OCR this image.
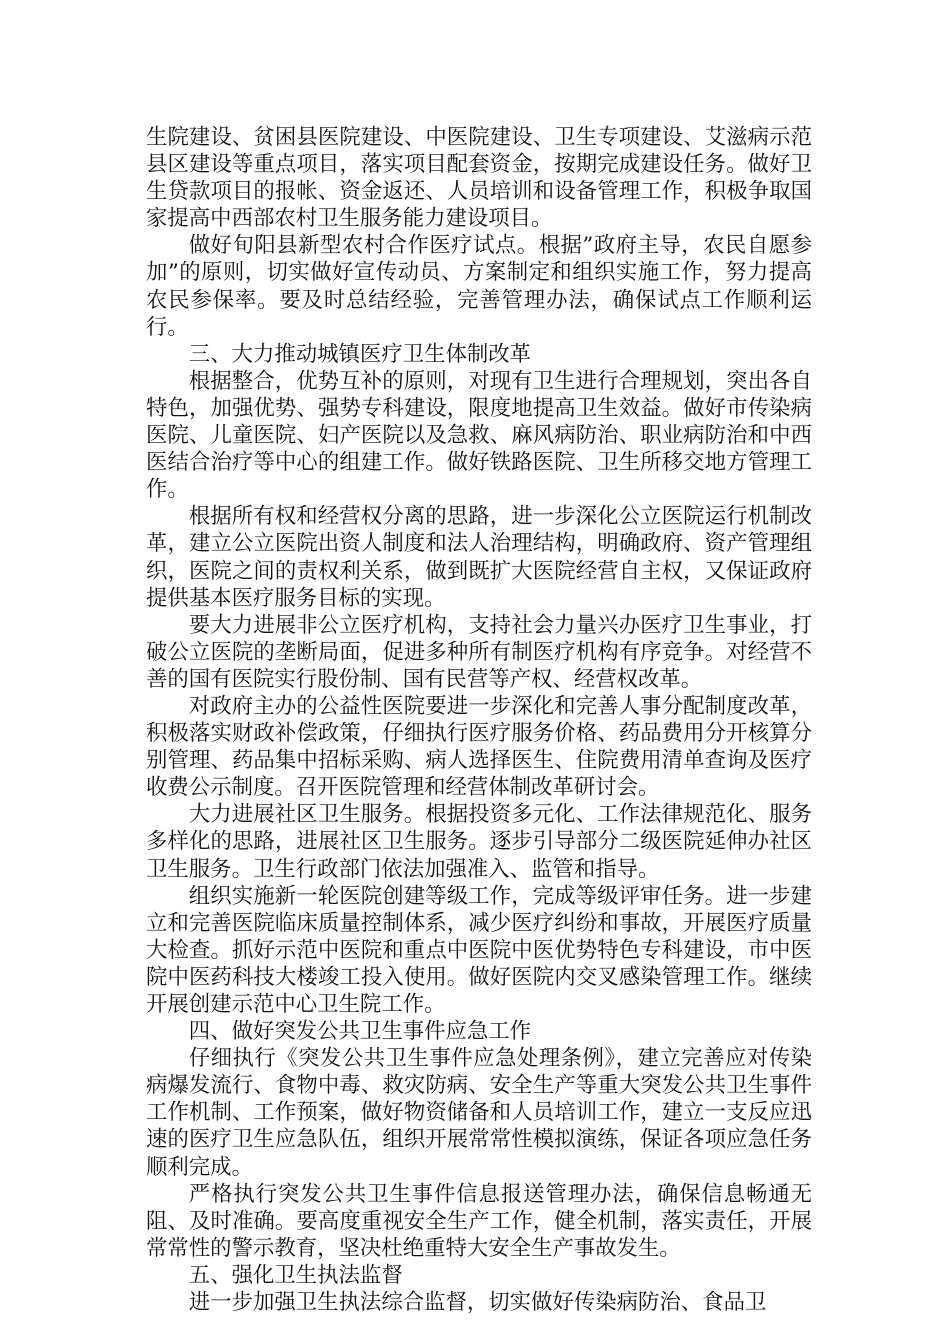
生院建设、贫困县医院建设、中医院建设、卫生专项建设、艾滋病示范县区建设等重点项目，落实项目配套资金，按期完成建设任务。做好卫生贷款项目的报帐、资金返还、人员培训和设备管理工作，积极争取国家提高中西部农村卫生服务能力建设项目。

做好旬阳县新型农村合作医疗试点。根据”政府主导，农民自愿参加”的原则，切实做好宣传动员、方案制定和组织实施工作，努力提高农民参保率。要及时总结经验，完善管理办法，确保试点工作顺利运行。

三、大力推动城镇医疗卫生体制改革

根据整合，优势互补的原则，对现有卫生进行合理规划，突出各自特色，加强优势、强势专科建设，限度地提高卫生效益。做好市传染病医院、儿童医院、妇产医院以及急救、麻风病防治、职业病防治和中西医结合治疗等中心的组建工作。做好铁路医院、卫生所移交地方管理工作。

根据所有权和经营权分离的思路，进一步深化公立医院运行机制改革，建立公立医院出资人制度和法人治理结构，明确政府、资产管理组织，医院之间的责权利关系，做到既扩大医院经营自主权，又保证政府提供基本医疗服务目标的实现。

要大力进展非公立医疗机构，支持社会力量兴办医疗卫生事业，打破公立医院的垄断局面，促进多种所有制医疗机构有序竞争。对经营不善的国有医院实行股份制、国有民营等产权、经营权改革。

对政府主办的公益性医院要进一步深化和完善人事分配制度改革，积极落实财政补偿政策，仔细执行医疗服务价格、药品费用分开核算分别管理、药品集中招标采购、病人选择医生、住院费用清单查询及医疗收费公示制度。召开医院管理和经营体制改革研讨会。

大力进展社区卫生服务。根据投资多元化、工作法律规范化、服务多样化的思路，进展社区卫生服务。逐步引导部分二级医院延伸办社区卫生服务。卫生行政部门依法加强准入、监管和指导。

组织实施新一轮医院创建等级工作，完成等级评审任务。进一步建立和完善医院临床质量控制体系，减少医疗纠纷和事故，开展医疗质量大检查。抓好示范中医院和重点中医院中医优势特色专科建设，市中医院中医药科技大楼竣工投入使用。做好医院内交叉感染管理工作。继续开展创建示范中心卫生院工作。

四、做好突发公共卫生事件应急工作

仔细执行《突发公共卫生事件应急处理条例》，建立完善应对传染病爆发流行、食物中毒、救灾防病、安全生产等重大突发公共卫生事件工作机制、工作预案，做好物资储备和人员培训工作，建立一支反应迅速的医疗卫生应急队伍，组织开展常常性模拟演练，保证各项应急任务顺利完成。

严格执行突发公共卫生事件信息报送管理办法，确保信息畅通无阻、及时准确。要高度重视安全生产工作，健全机制，落实责任，开展常常性的警示教育，坚决杜绝重特大安全生产事故发生。

五、强化卫生执法监督

进一步加强卫生执法综合监督，切实做好传染病防治、食品卫
